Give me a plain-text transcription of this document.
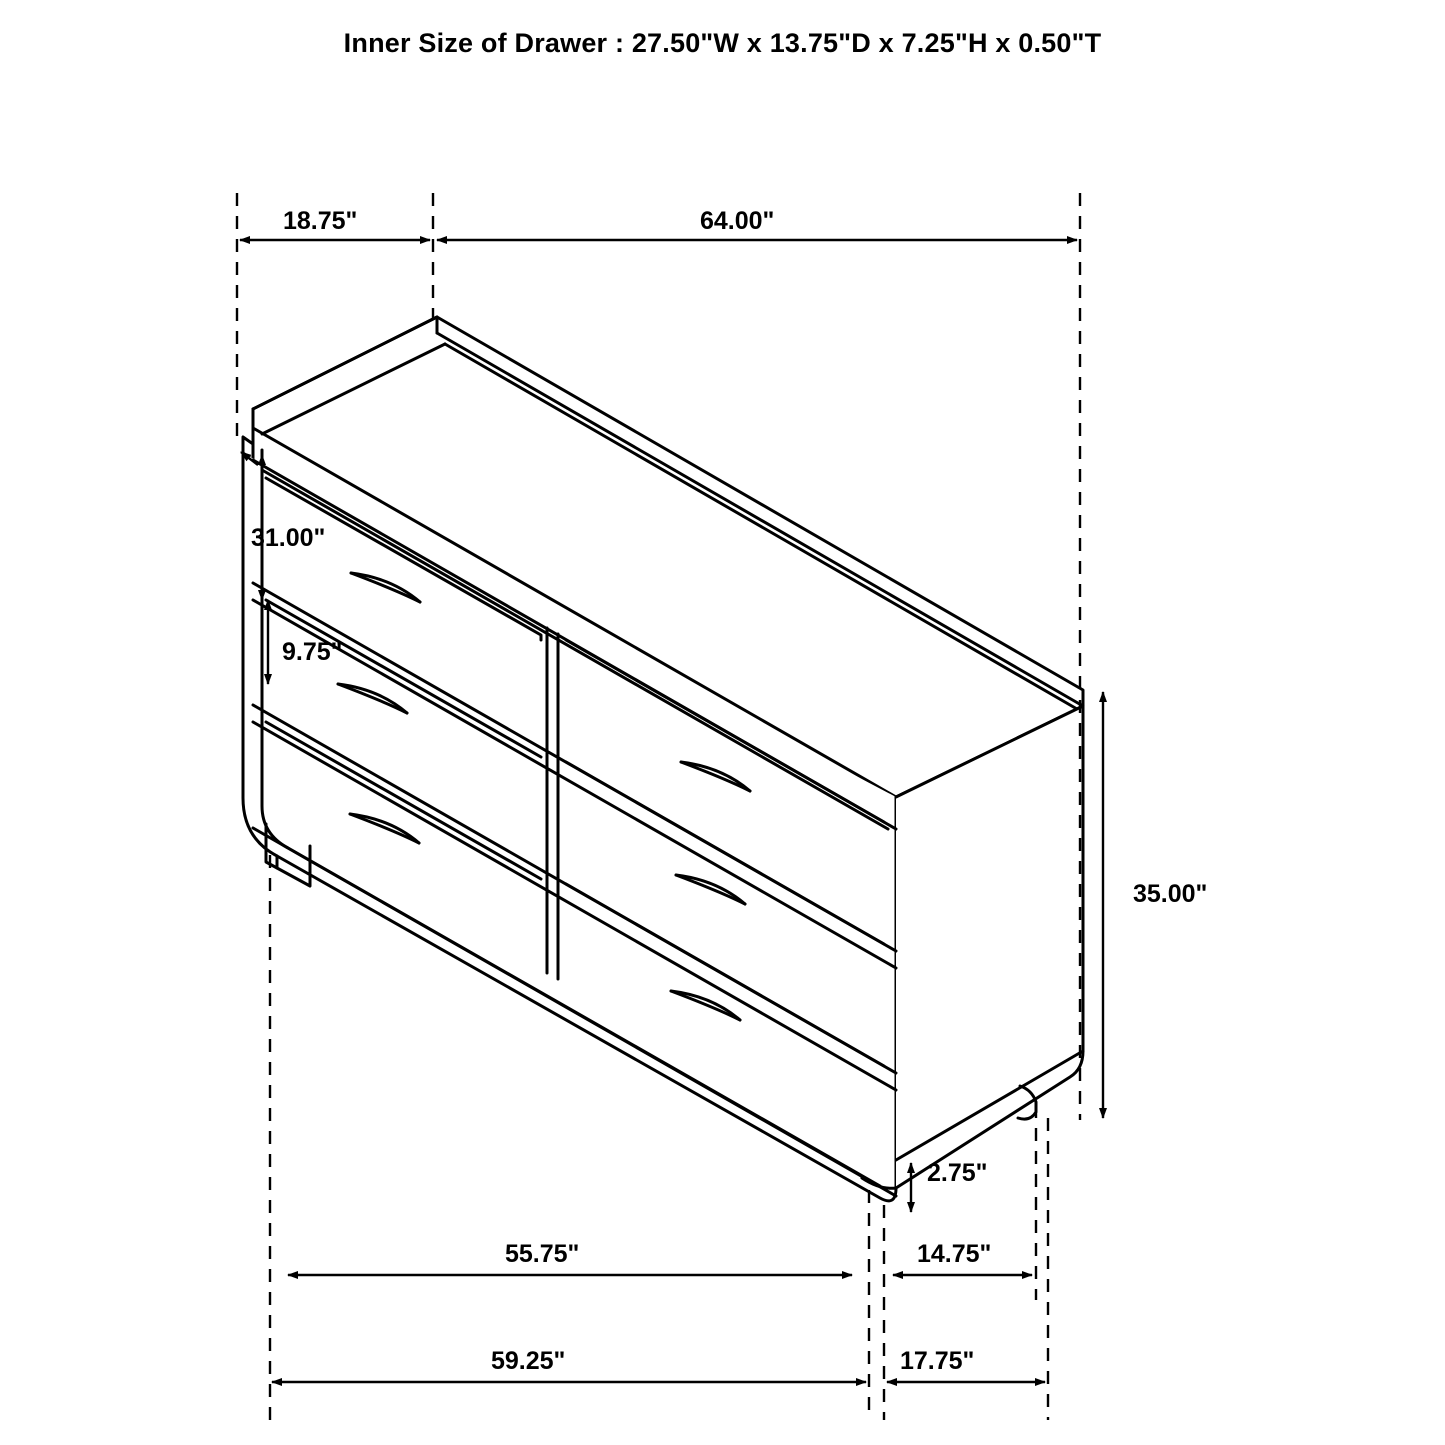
Inner Size of Drawer : 27.50"W x 13.75"D x 7.25"H x 0.50"T
18.75"	64.00"
31.00"
9.75"
35.00"
2.75"
55.75"	14.75"
59.25"	17.75"
